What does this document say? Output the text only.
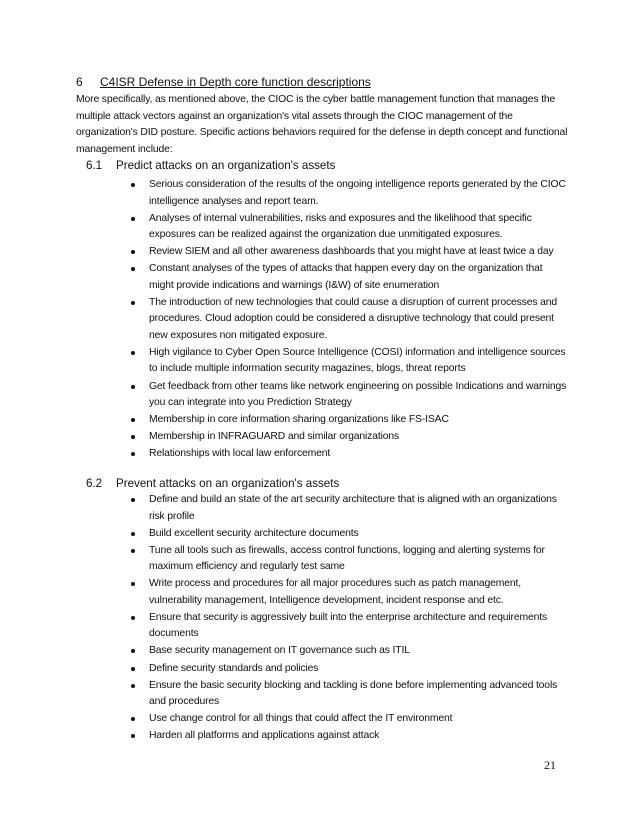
6 C4ISR Defense in Depth core function descriptions
More specifically, as mentioned above, the CIOC is the cyber battle management function that manages the multiple attack vectors against an organization's vital assets through the CIOC management of the organization's DID posture. Specific actions behaviors required for the defense in depth concept and functional management include:
6.1 Predict attacks on an organization's assets
Serious consideration of the results of the ongoing intelligence reports generated by the CIOC intelligence analyses and report team.
Analyses of internal vulnerabilities, risks and exposures and the likelihood that specific exposures can be realized against the organization due unmitigated exposures.
Review SIEM and all other awareness dashboards that you might have at least twice a day
Constant analyses of the types of attacks that happen every day on the organization that might provide indications and warnings (I&W) of site enumeration
The introduction of new technologies that could cause a disruption of current processes and procedures. Cloud adoption could be considered a disruptive technology that could present new exposures non mitigated exposure.
High vigilance to Cyber Open Source Intelligence (COSI) information and intelligence sources to include multiple information security magazines, blogs, threat reports
Get feedback from other teams like network engineering on possible Indications and warnings you can integrate into you Prediction Strategy
Membership in core information sharing organizations like FS-ISAC
Membership in INFRAGUARD and similar organizations
Relationships with local law enforcement
6.2 Prevent attacks on an organization's assets
Define and build an state of the art security architecture that is aligned with an organizations risk profile
Build excellent security architecture documents
Tune all tools such as firewalls, access control functions, logging and alerting systems for maximum efficiency and regularly test same
Write process and procedures for all major procedures such as patch management, vulnerability management, Intelligence development, incident response and etc.
Ensure that security is aggressively built into the enterprise architecture and requirements documents
Base security management on IT governance such as ITIL
Define security standards and policies
Ensure the basic security blocking and tackling is done before implementing advanced tools and procedures
Use change control for all things that could affect the IT environment
Harden all platforms and applications against attack
21
